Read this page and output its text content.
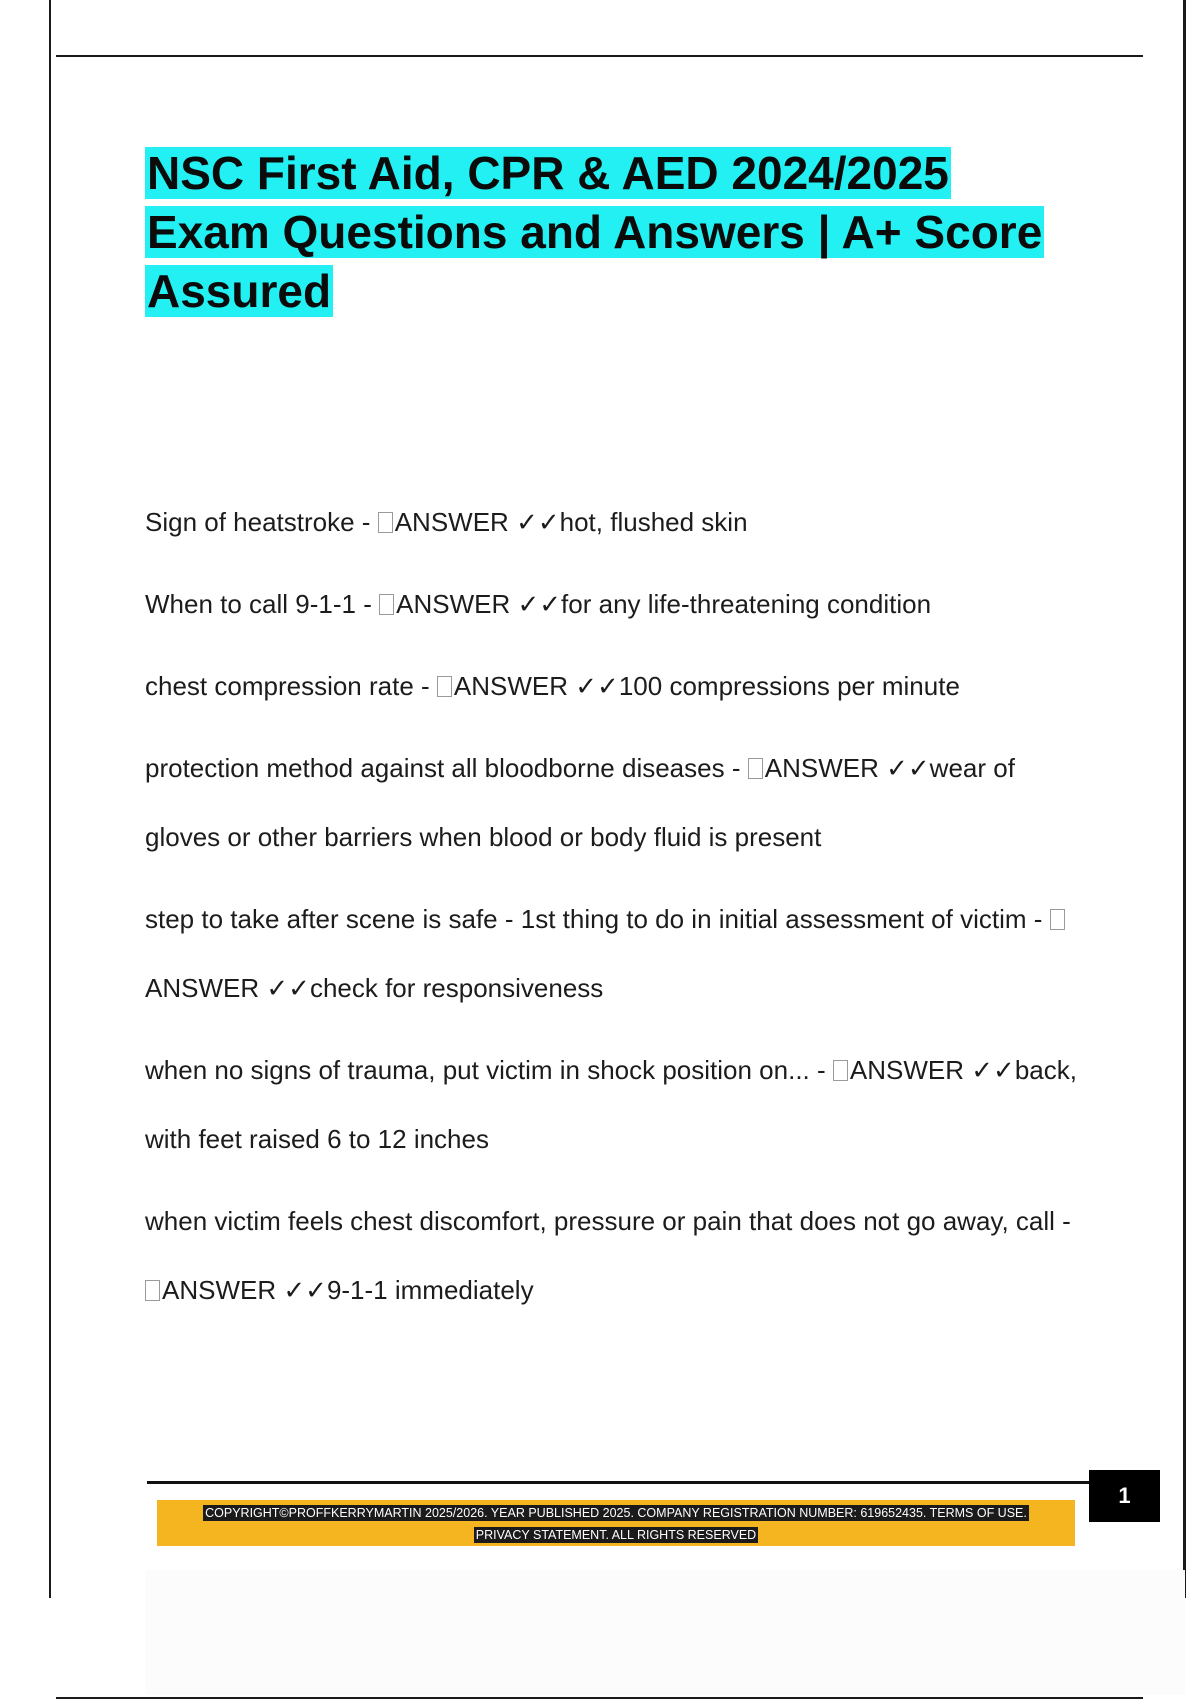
NSC First Aid, CPR & AED 2024/2025 Exam Questions and Answers | A+ Score Assured

Sign of heatstroke - ANSWER ✓✓hot, flushed skin

When to call 9-1-1 - ANSWER ✓✓for any life-threatening condition

chest compression rate - ANSWER ✓✓100 compressions per minute

protection method against all bloodborne diseases - ANSWER ✓✓wear of gloves or other barriers when blood or body fluid is present

step to take after scene is safe - 1st thing to do in initial assessment of victim - ANSWER ✓✓check for responsiveness

when no signs of trauma, put victim in shock position on... - ANSWER ✓✓back, with feet raised 6 to 12 inches

when victim feels chest discomfort, pressure or pain that does not go away, call - ANSWER ✓✓9-1-1 immediately

1
COPYRIGHT©PROFFKERRYMARTIN 2025/2026. YEAR PUBLISHED 2025. COMPANY REGISTRATION NUMBER: 619652435. TERMS OF USE.
PRIVACY STATEMENT. ALL RIGHTS RESERVED
